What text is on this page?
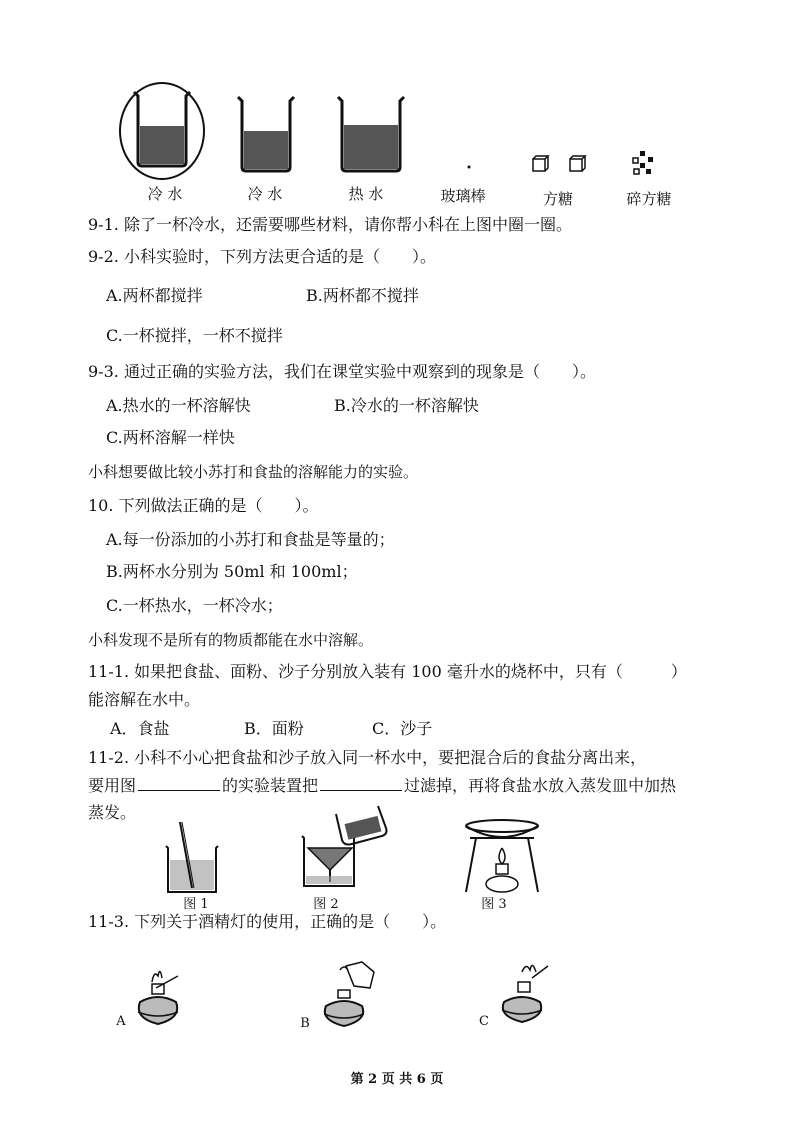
冷 水	冷 水	热 水	玻璃棒	方糖	碎方糖
9-1. 除了一杯冷水，还需要哪些材料，请你帮小科在上图中圈一圈。
9-2. 小科实验时，下列方法更合适的是（　　）。
A.两杯都搅拌	B.两杯都不搅拌
C.一杯搅拌，一杯不搅拌
9-3. 通过正确的实验方法，我们在课堂实验中观察到的现象是（　　）。
A.热水的一杯溶解快	B.冷水的一杯溶解快
C.两杯溶解一样快
小科想要做比较小苏打和食盐的溶解能力的实验。
10. 下列做法正确的是（　　）。
A.每一份添加的小苏打和食盐是等量的；
B.两杯水分别为 50ml 和 100ml；
C.一杯热水，一杯冷水；
小科发现不是所有的物质都能在水中溶解。
11-1. 如果把食盐、面粉、沙子分别放入装有 100 毫升水的烧杯中，只有（　　　）
能溶解在水中。
A．食盐	B．面粉	C．沙子
11-2. 小科不小心把食盐和沙子放入同一杯水中，要把混合后的食盐分离出来，
要用图	的实验装置把	过滤掉，再将食盐水放入蒸发皿中加热
蒸发。
图 1	图 2	图 3
11-3. 下列关于酒精灯的使用，正确的是（　　）。
A	B	C
第 2 页 共 6 页
